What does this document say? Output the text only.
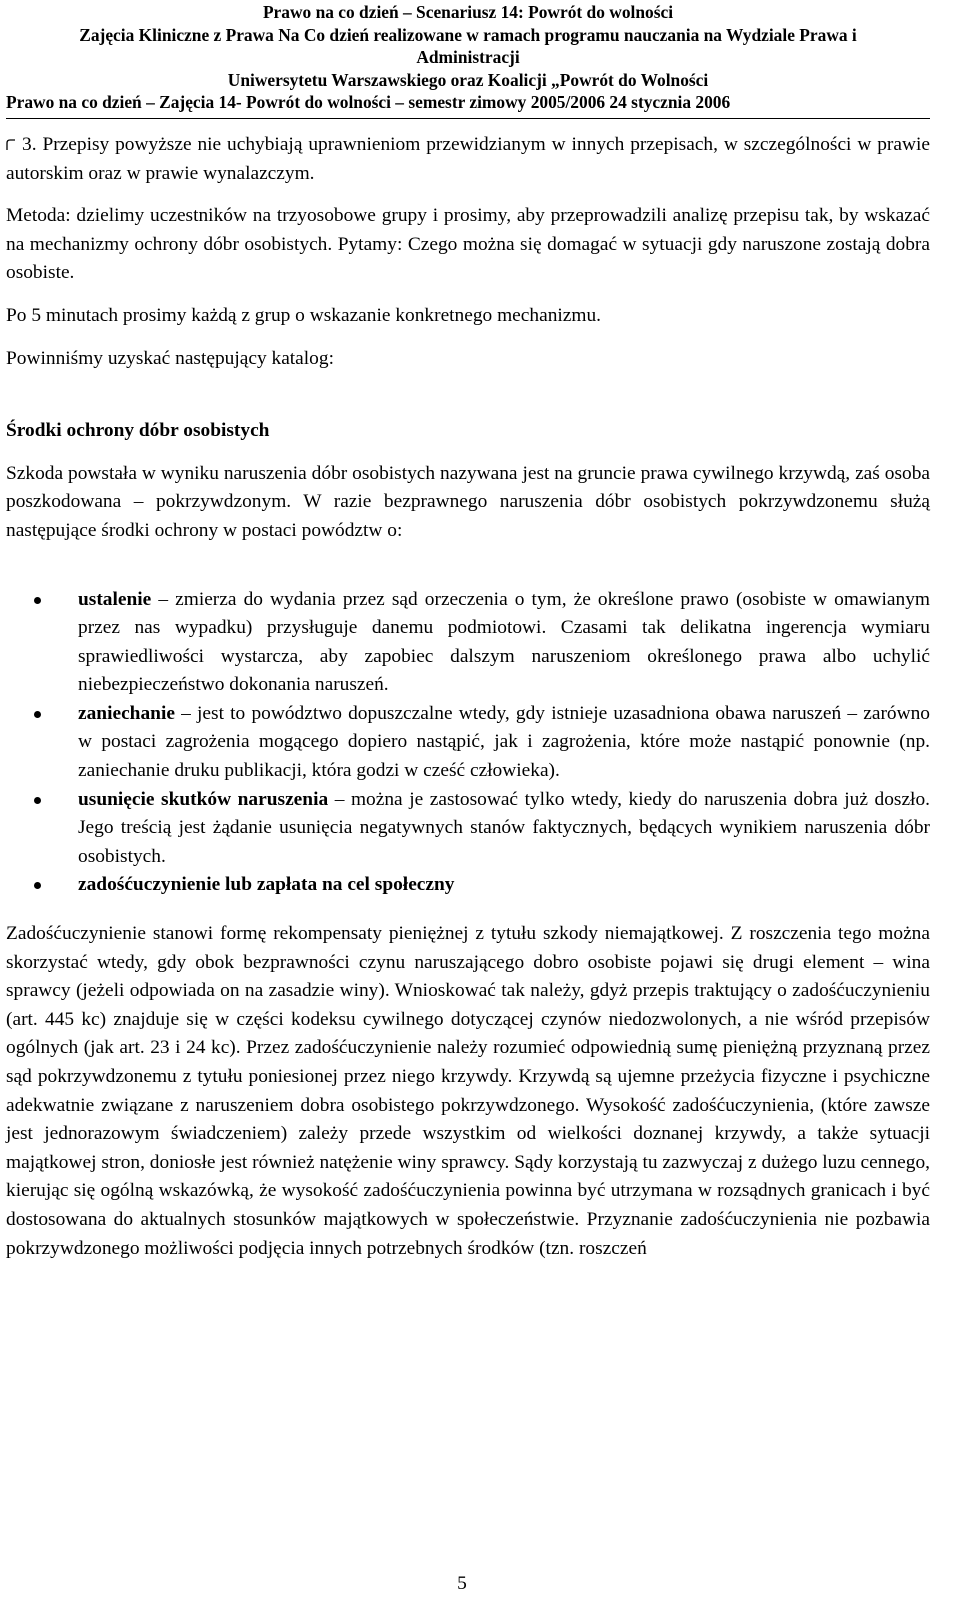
Prawo na co dzień – Scenariusz 14: Powrót do wolności
Zajęcia Kliniczne z Prawa Na Co dzień realizowane w ramach programu nauczania na Wydziale Prawa i
Administracji
Uniwersytetu Warszawskiego oraz Koalicji „Powrót do Wolności
Prawo na co dzień – Zajęcia 14- Powrót do wolności – semestr zimowy 2005/2006 24 stycznia 2006

3. Przepisy powyższe nie uchybiają uprawnieniom przewidzianym w innych przepisach, w szczególności w prawie autorskim oraz w prawie wynalazczym.

Metoda: dzielimy uczestników na trzyosobowe grupy i prosimy, aby przeprowadzili analizę przepisu tak, by wskazać na mechanizmy ochrony dóbr osobistych. Pytamy: Czego można się domagać w sytuacji gdy naruszone zostają dobra osobiste.

Po 5 minutach prosimy każdą z grup o wskazanie konkretnego mechanizmu.

Powinniśmy uzyskać następujący katalog:

Środki ochrony dóbr osobistych

Szkoda powstała w wyniku naruszenia dóbr osobistych nazywana jest na gruncie prawa cywilnego krzywdą, zaś osoba poszkodowana – pokrzywdzonym. W razie bezprawnego naruszenia dóbr osobistych pokrzywdzonemu służą następujące środki ochrony w postaci powództw o:

ustalenie – zmierza do wydania przez sąd orzeczenia o tym, że określone prawo (osobiste w omawianym przez nas wypadku) przysługuje danemu podmiotowi. Czasami tak delikatna ingerencja wymiaru sprawiedliwości wystarcza, aby zapobiec dalszym naruszeniom określonego prawa albo uchylić niebezpieczeństwo dokonania naruszeń.
zaniechanie – jest to powództwo dopuszczalne wtedy, gdy istnieje uzasadniona obawa naruszeń – zarówno w postaci zagrożenia mogącego dopiero nastąpić, jak i zagrożenia, które może nastąpić ponownie (np. zaniechanie druku publikacji, która godzi w cześć człowieka).
usunięcie skutków naruszenia – można je zastosować tylko wtedy, kiedy do naruszenia dobra już doszło. Jego treścią jest żądanie usunięcia negatywnych stanów faktycznych, będących wynikiem naruszenia dóbr osobistych.
zadośćuczynienie lub zapłata na cel społeczny

Zadośćuczynienie stanowi formę rekompensaty pieniężnej z tytułu szkody niemajątkowej. Z roszczenia tego można skorzystać wtedy, gdy obok bezprawności czynu naruszającego dobro osobiste pojawi się drugi element – wina sprawcy (jeżeli odpowiada on na zasadzie winy). Wnioskować tak należy, gdyż przepis traktujący o zadośćuczynieniu (art. 445 kc) znajduje się w części kodeksu cywilnego dotyczącej czynów niedozwolonych, a nie wśród przepisów ogólnych (jak art. 23 i 24 kc). Przez zadośćuczynienie należy rozumieć odpowiednią sumę pieniężną przyznaną przez sąd pokrzywdzonemu z tytułu poniesionej przez niego krzywdy. Krzywdą są ujemne przeżycia fizyczne i psychiczne adekwatnie związane z naruszeniem dobra osobistego pokrzywdzonego. Wysokość zadośćuczynienia, (które zawsze jest jednorazowym świadczeniem) zależy przede wszystkim od wielkości doznanej krzywdy, a także sytuacji majątkowej stron, doniosłe jest również natężenie winy sprawcy. Sądy korzystają tu zazwyczaj z dużego luzu cennego, kierując się ogólną wskazówką, że wysokość zadośćuczynienia powinna być utrzymana w rozsądnych granicach i być dostosowana do aktualnych stosunków majątkowych w społeczeństwie. Przyznanie zadośćuczynienia nie pozbawia pokrzywdzonego możliwości podjęcia innych potrzebnych środków (tzn. roszczeń

5
